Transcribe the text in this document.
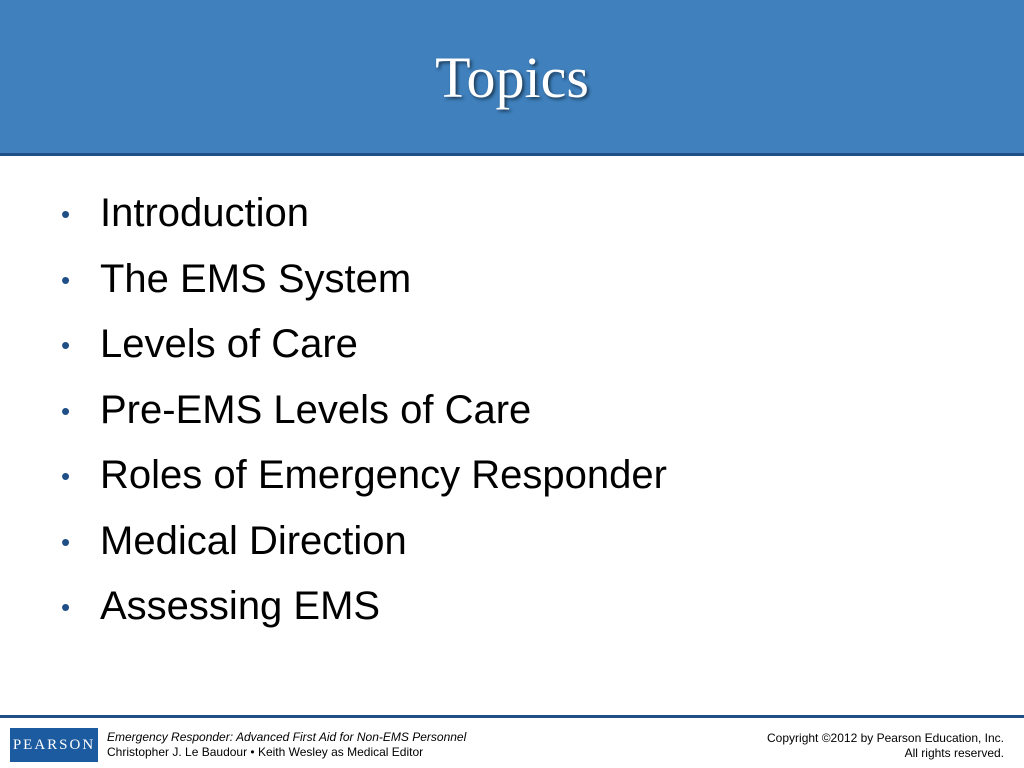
Topics
• Introduction
• The EMS System
• Levels of Care
• Pre-EMS Levels of Care
• Roles of Emergency Responder
• Medical Direction
• Assessing EMS
PEARSON Emergency Responder: Advanced First Aid for Non-EMS Personnel
Christopher J. Le Baudour • Keith Wesley as Medical Editor
Copyright ©2012 by Pearson Education, Inc.
All rights reserved.
